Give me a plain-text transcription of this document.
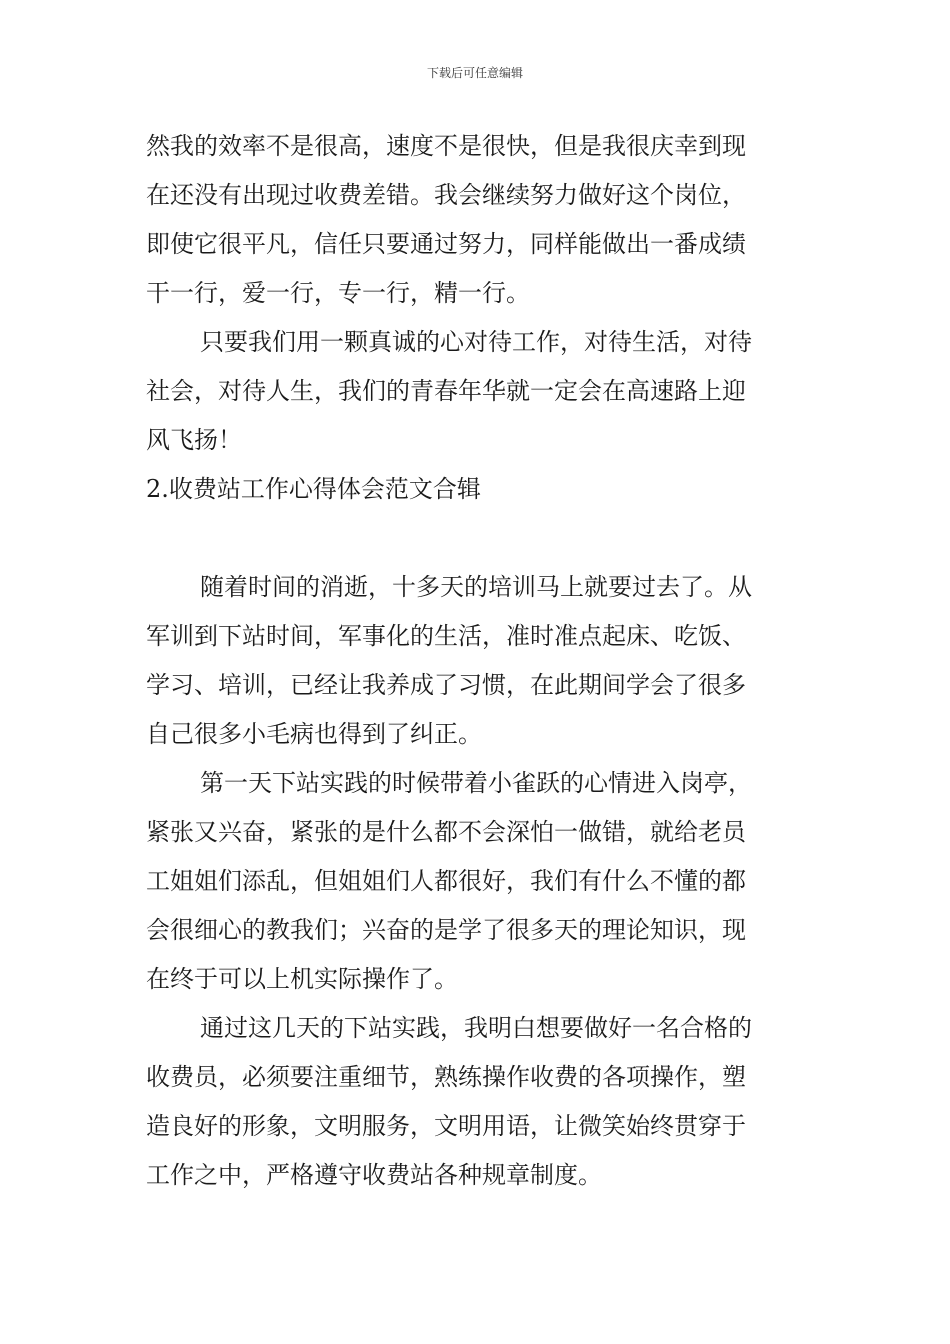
下载后可任意编辑
然我的效率不是很高，速度不是很快，但是我很庆幸到现
在还没有出现过收费差错。我会继续努力做好这个岗位，
即使它很平凡，信任只要通过努力，同样能做出一番成绩
干一行，爱一行，专一行，精一行。
只要我们用一颗真诚的心对待工作，对待生活，对待
社会，对待人生，我们的青春年华就一定会在高速路上迎
风飞扬！
2.收费站工作心得体会范文合辑
随着时间的消逝，十多天的培训马上就要过去了。从
军训到下站时间，军事化的生活，准时准点起床、吃饭、
学习、培训，已经让我养成了习惯，在此期间学会了很多
自己很多小毛病也得到了纠正。
第一天下站实践的时候带着小雀跃的心情进入岗亭，
紧张又兴奋，紧张的是什么都不会深怕一做错，就给老员
工姐姐们添乱，但姐姐们人都很好，我们有什么不懂的都
会很细心的教我们；兴奋的是学了很多天的理论知识，现
在终于可以上机实际操作了。
通过这几天的下站实践，我明白想要做好一名合格的
收费员，必须要注重细节，熟练操作收费的各项操作，塑
造良好的形象，文明服务，文明用语，让微笑始终贯穿于
工作之中，严格遵守收费站各种规章制度。
